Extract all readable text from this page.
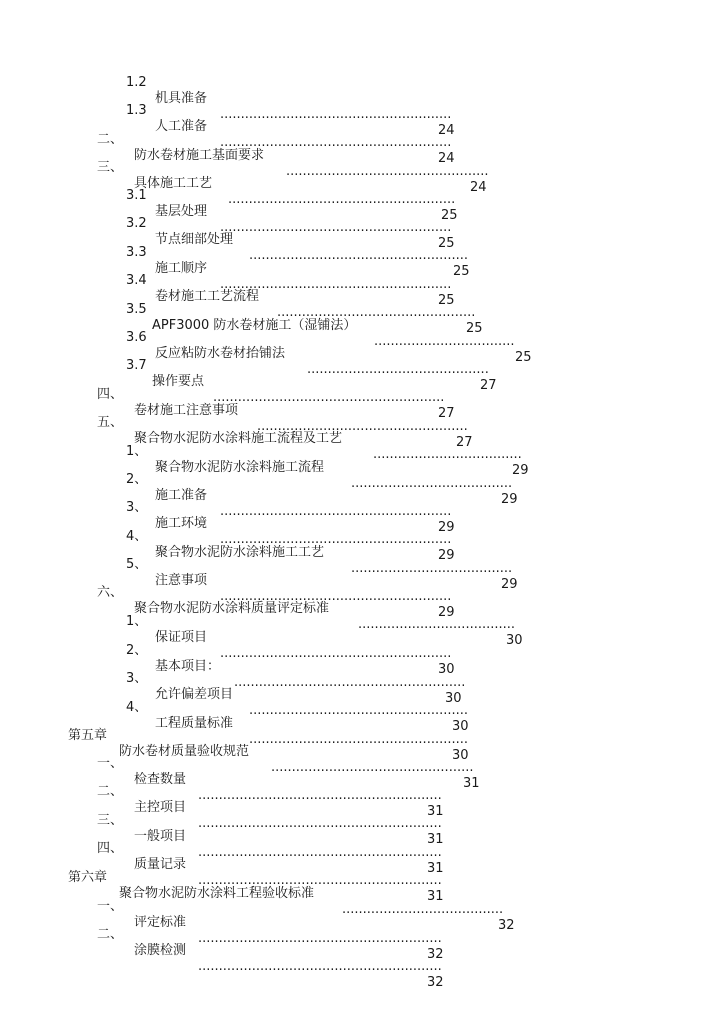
1.2

机具准备

........................................................

24

1.3

人工准备

........................................................

24

二、

防水卷材施工基面要求

.................................................

24

三、

具体施工工艺

.......................................................

25

3.1

基层处理

........................................................

25

3.2

节点细部处理

.....................................................

25

3.3

施工顺序

........................................................

25

3.4

卷材施工工艺流程

................................................

25

3.5

APF3000 防水卷材施工（湿铺法）

..................................

25

3.6

反应粘防水卷材抬铺法

............................................

27

3.7

操作要点

........................................................

27

四、

卷材施工注意事项

...................................................

27

五、

聚合物水泥防水涂料施工流程及工艺

....................................

29

1、

聚合物水泥防水涂料施工流程

.......................................

29

2、

施工准备

........................................................

29

3、

施工环境

........................................................

29

4、

聚合物水泥防水涂料施工工艺

.......................................

29

5、

注意事项

........................................................

29

六、

聚合物水泥防水涂料质量评定标准

......................................

30

1、

保证项目

........................................................

30

2、

基本项目：

........................................................

30

3、

允许偏差项目

.....................................................

30

4、

工程质量标准

.....................................................

30

第五章

防水卷材质量验收规范

.................................................

31

一、

检查数量

...........................................................

31

二、

主控项目

...........................................................

31

三、

一般项目

...........................................................

31

四、

质量记录

...........................................................

31

第六章

聚合物水泥防水涂料工程验收标准

.......................................

32

一、

评定标准

...........................................................

32

二、

涂膜检测

...........................................................

32
